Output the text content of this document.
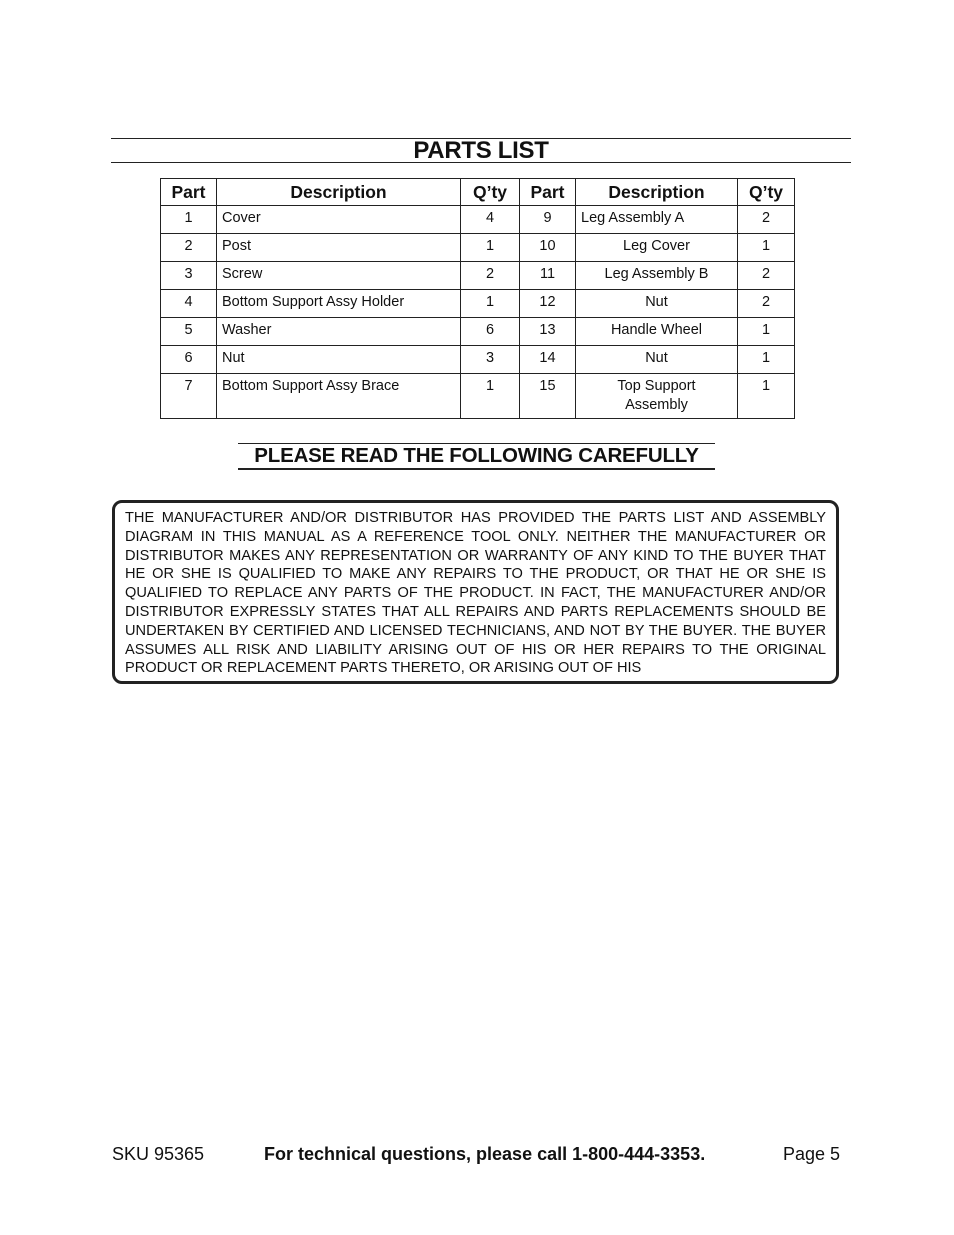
PARTS LIST
Part	Description	Q’ty	Part	Description	Q’ty
1	Cover	4	9	Leg Assembly A	2
2	Post	1	10	Leg Cover	1
3	Screw	2	11	Leg Assembly B	2
4	Bottom Support Assy Holder	1	12	Nut	2
5	Washer	6	13	Handle Wheel	1
6	Nut	3	14	Nut	1
7	Bottom Support Assy Brace	1	15	Top Support Assembly	1
PLEASE READ THE FOLLOWING CAREFULLY
THE MANUFACTURER AND/OR DISTRIBUTOR HAS PROVIDED THE PARTS LIST AND ASSEMBLY DIAGRAM IN THIS MANUAL AS A REFERENCE TOOL ONLY. NEITHER THE MANUFACTURER OR DISTRIBUTOR MAKES ANY REPRESENTATION OR WARRANTY OF ANY KIND TO THE BUYER THAT HE OR SHE IS QUALIFIED TO MAKE ANY REPAIRS TO THE PRODUCT, OR THAT HE OR SHE IS QUALIFIED TO REPLACE ANY PARTS OF THE PRODUCT. IN FACT, THE MANUFACTURER AND/OR DISTRIBUTOR EXPRESSLY STATES THAT ALL REPAIRS AND PARTS REPLACEMENTS SHOULD BE UNDERTAKEN BY CERTIFIED AND LICENSED TECHNICIANS, AND NOT BY THE BUYER. THE BUYER ASSUMES ALL RISK AND LIABILITY ARISING OUT OF HIS OR HER REPAIRS TO THE ORIGINAL PRODUCT OR REPLACEMENT PARTS THERETO, OR ARISING OUT OF HIS
SKU 95365	For technical questions, please call 1-800-444-3353.	Page 5
